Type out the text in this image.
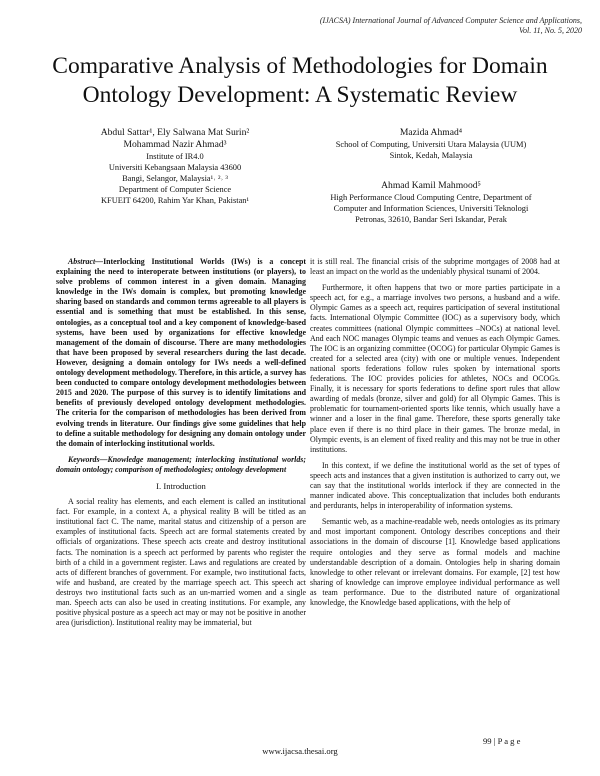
(IJACSA) International Journal of Advanced Computer Science and Applications,
Vol. 11, No. 5, 2020
Comparative Analysis of Methodologies for Domain
Ontology Development: A Systematic Review
Abdul Sattar¹, Ely Salwana Mat Surin²
Mohammad Nazir Ahmad³
Institute of IR4.0
Universiti Kebangsaan Malaysia 43600
Bangi, Selangor, Malaysia¹˒ ²˒ ³
Department of Computer Science
KFUEIT 64200, Rahim Yar Khan, Pakistan¹
Mazida Ahmad⁴
School of Computing, Universiti Utara Malaysia (UUM)
Sintok, Kedah, Malaysia
Ahmad Kamil Mahmood⁵
High Performance Cloud Computing Centre, Department of
Computer and Information Sciences, Universiti Teknologi
Petronas, 32610, Bandar Seri Iskandar, Perak

Abstract—Interlocking Institutional Worlds (IWs) is a concept explaining the need to interoperate between institutions (or players), to solve problems of common interest in a given domain. Managing knowledge in the IWs domain is complex, but promoting knowledge sharing based on standards and common terms agreeable to all players is essential and is something that must be established. In this sense, ontologies, as a conceptual tool and a key component of knowledge-based systems, have been used by organizations for effective knowledge management of the domain of discourse. There are many methodologies that have been proposed by several researchers during the last decade. However, designing a domain ontology for IWs needs a well-defined ontology development methodology. Therefore, in this article, a survey has been conducted to compare ontology development methodologies between 2015 and 2020. The purpose of this survey is to identify limitations and benefits of previously developed ontology development methodologies. The criteria for the comparison of methodologies has been derived from evolving trends in literature. Our findings give some guidelines that help to define a suitable methodology for designing any domain ontology under the domain of interlocking institutional worlds.

Keywords—Knowledge management; interlocking institutional worlds; domain ontology; comparison of methodologies; ontology development

I. Introduction

A social reality has elements, and each element is called an institutional fact. For example, in a context A, a physical reality B will be titled as an institutional fact C. The name, marital status and citizenship of a person are examples of institutional facts. Speech act are formal statements created by officials of organizations. These speech acts create and destroy institutional facts. The nomination is a speech act performed by parents who register the birth of a child in a government register. Laws and regulations are created by acts of different branches of government. For example, two institutional facts, wife and husband, are created by the marriage speech act. This speech act destroys two institutional facts such as an un-married women and a single man. Speech acts can also be used in creating institutions. For example, any positive physical posture as a speech act may or may not be positive in another area (jurisdiction). Institutional reality may be immaterial, but

it is still real. The financial crisis of the subprime mortgages of 2008 had at least an impact on the world as the undeniably physical tsunami of 2004.

Furthermore, it often happens that two or more parties participate in a speech act, for e.g., a marriage involves two persons, a husband and a wife. Olympic Games as a speech act, requires participation of several institutional facts. International Olympic Committee (IOC) as a supervisory body, which creates committees (national Olympic committees –NOCs) at national level. And each NOC manages Olympic teams and venues as each Olympic Games. The IOC is an organizing committee (OCOG) for particular Olympic Games is created for a selected area (city) with one or multiple venues. Independent national sports federations follow rules spoken by international sports federations. The IOC provides policies for athletes, NOCs and OCOGs. Finally, it is necessary for sports federations to define sport rules that allow awarding of medals (bronze, silver and gold) for all Olympic Games. This is problematic for tournament-oriented sports like tennis, which usually have a winner and a loser in the final game. Therefore, these sports generally take place even if there is no third place in their games. The bronze medal, in Olympic events, is an element of fixed reality and this may not be true in other institutions.

In this context, if we define the institutional world as the set of types of speech acts and instances that a given institution is authorized to carry out, we can say that the institutional worlds interlock if they are connected in the manner indicated above. This conceptualization that includes both endurants and perdurants, helps in interoperability of information systems.

Semantic web, as a machine-readable web, needs ontologies as its primary and most important component. Ontology describes conceptions and their associations in the domain of discourse [1]. Knowledge based applications require ontologies and they serve as formal models and machine understandable description of a domain. Ontologies help in sharing domain knowledge to other relevant or irrelevant domains. For example, [2] test how sharing of knowledge can improve employee individual performance as well as team performance. Due to the distributed nature of organizational knowledge, the Knowledge based applications, with the help of

99 | P a g e
www.ijacsa.thesai.org
